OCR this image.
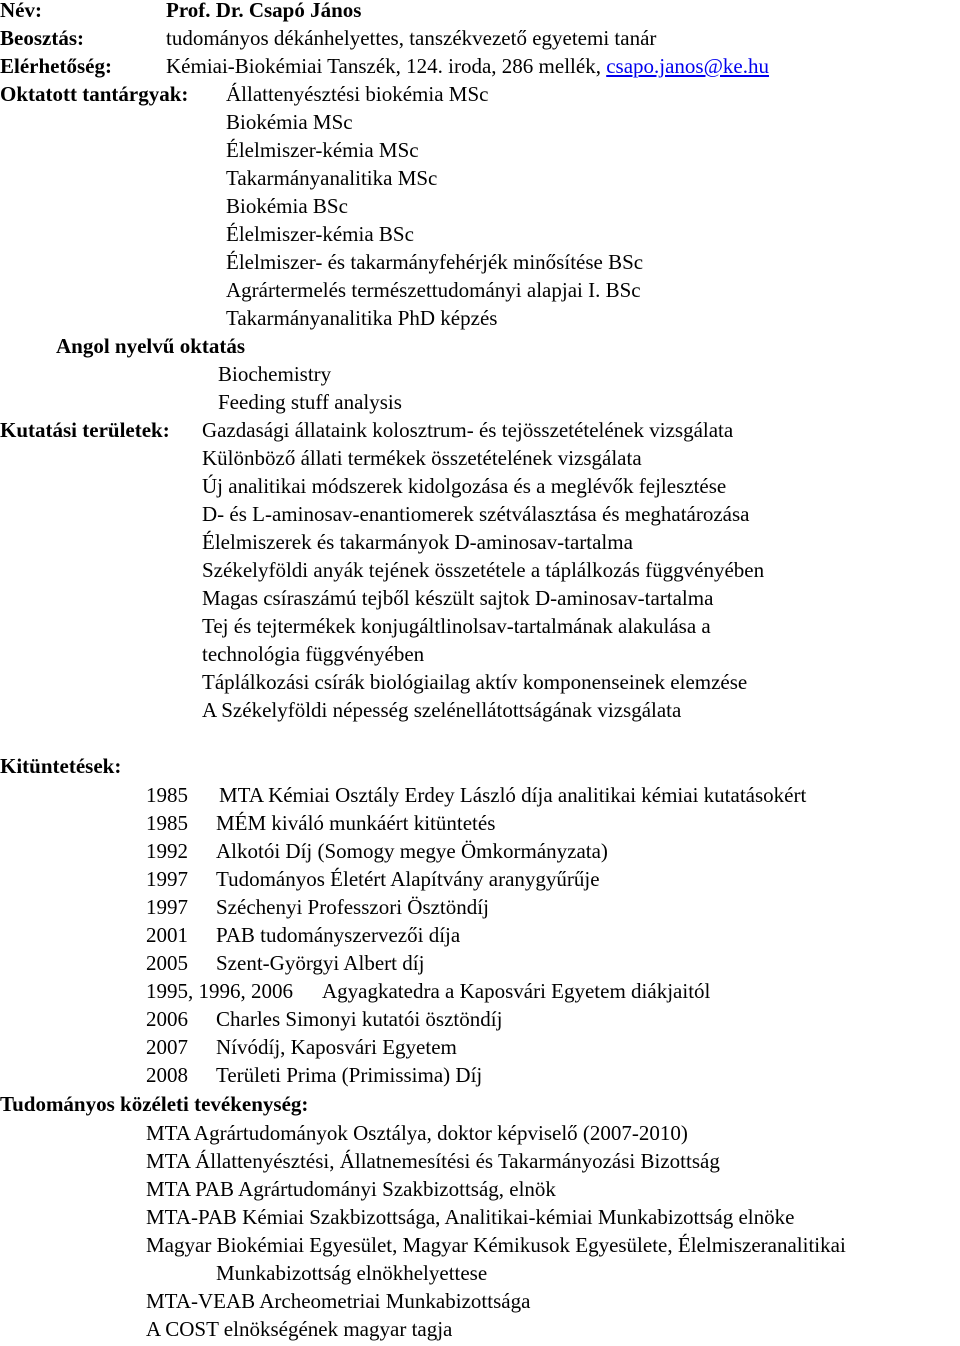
Név:	Prof. Dr. Csapó János
Beosztás:	tudományos dékánhelyettes, tanszékvezető egyetemi tanár
Elérhetőség:	Kémiai-Biokémiai Tanszék, 124. iroda, 286 mellék, csapo.janos@ke.hu
Oktatott tantárgyak: Állattenyésztési biokémia MSc
Biokémia MSc
Élelmiszer-kémia MSc
Takarmányanalitika MSc
Biokémia BSc
Élelmiszer-kémia BSc
Élelmiszer- és takarmányfehérjék minősítése BSc
Agrártermelés természettudományi alapjai I. BSc
Takarmányanalitika PhD képzés
Angol nyelvű oktatás
Biochemistry
Feeding stuff analysis
Kutatási területek: Gazdasági állataink kolosztrum- és tejösszetételének vizsgálata
Különböző állati termékek összetételének vizsgálata
Új analitikai módszerek kidolgozása és a meglévők fejlesztése
D- és L-aminosav-enantiomerek szétválasztása és meghatározása
Élelmiszerek és takarmányok D-aminosav-tartalma
Székelyföldi anyák tejének összetétele a táplálkozás függvényében
Magas csíraszámú tejből készült sajtok D-aminosav-tartalma
Tej és tejtermékek konjugáltlinolsav-tartalmának alakulása a
technológia függvényében
Táplálkozási csírák biológiailag aktív komponenseinek elemzése
A Székelyföldi népesség szelénellátottságának vizsgálata
Kitüntetések:
1985 MTA Kémiai Osztály Erdey László díja analitikai kémiai kutatásokért
1985 MÉM kiváló munkáért kitüntetés
1992 Alkotói Díj (Somogy megye Ömkormányzata)
1997 Tudományos Életért Alapítvány aranygyűrűje
1997 Széchenyi Professzori Ösztöndíj
2001 PAB tudományszervezői díja
2005 Szent-Györgyi Albert díj
1995, 1996, 2006 Agyagkatedra a Kaposvári Egyetem diákjaitól
2006 Charles Simonyi kutatói ösztöndíj
2007 Nívódíj, Kaposvári Egyetem
2008 Területi Prima (Primissima) Díj
Tudományos közéleti tevékenység:
MTA Agrártudományok Osztálya, doktor képviselő (2007-2010)
MTA Állattenyésztési, Állatnemesítési és Takarmányozási Bizottság
MTA PAB Agrártudományi Szakbizottság, elnök
MTA-PAB Kémiai Szakbizottsága, Analitikai-kémiai Munkabizottság elnöke
Magyar Biokémiai Egyesület, Magyar Kémikusok Egyesülete, Élelmiszeranalitikai
Munkabizottság elnökhelyettese
MTA-VEAB Archeometriai Munkabizottsága
A COST elnökségének magyar tagja
